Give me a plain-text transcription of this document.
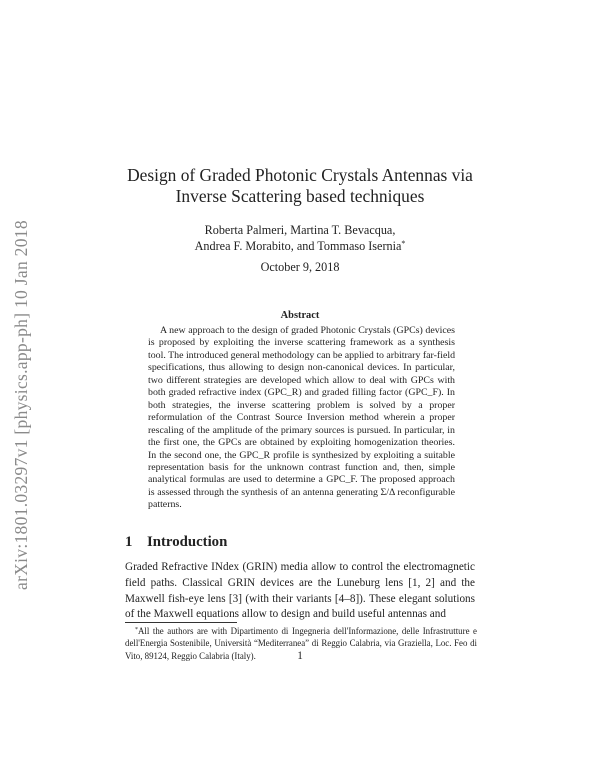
arXiv:1801.03297v1 [physics.app-ph] 10 Jan 2018
Design of Graded Photonic Crystals Antennas via
Inverse Scattering based techniques
Roberta Palmeri, Martina T. Bevacqua,
Andrea F. Morabito, and Tommaso Isernia*
October 9, 2018
Abstract

A new approach to the design of graded Photonic Crystals (GPCs) devices is proposed by exploiting the inverse scattering framework as a synthesis tool. The introduced general methodology can be applied to arbitrary far-field specifications, thus allowing to design non-canonical devices. In particular, two different strategies are developed which allow to deal with GPCs with both graded refractive index (GPC_R) and graded filling factor (GPC_F). In both strategies, the inverse scattering problem is solved by a proper reformulation of the Contrast Source Inversion method wherein a proper rescaling of the amplitude of the primary sources is pursued. In particular, in the first one, the GPCs are obtained by exploiting homogenization theories. In the second one, the GPC_R profile is synthesized by exploiting a suitable representation basis for the unknown contrast function and, then, simple analytical formulas are used to determine a GPC_F. The proposed approach is assessed through the synthesis of an antenna generating Σ/Δ reconfigurable patterns.

1 Introduction

Graded Refractive INdex (GRIN) media allow to control the electromagnetic field paths. Classical GRIN devices are the Luneburg lens [1, 2] and the Maxwell fish-eye lens [3] (with their variants [4–8]). These elegant solutions of the Maxwell equations allow to design and build useful antennas and

*All the authors are with Dipartimento di Ingegneria dell'Informazione, delle Infrastrutture e dell'Energia Sostenibile, Università “Mediterranea” di Reggio Calabria, via Graziella, Loc. Feo di Vito, 89124, Reggio Calabria (Italy).	1
